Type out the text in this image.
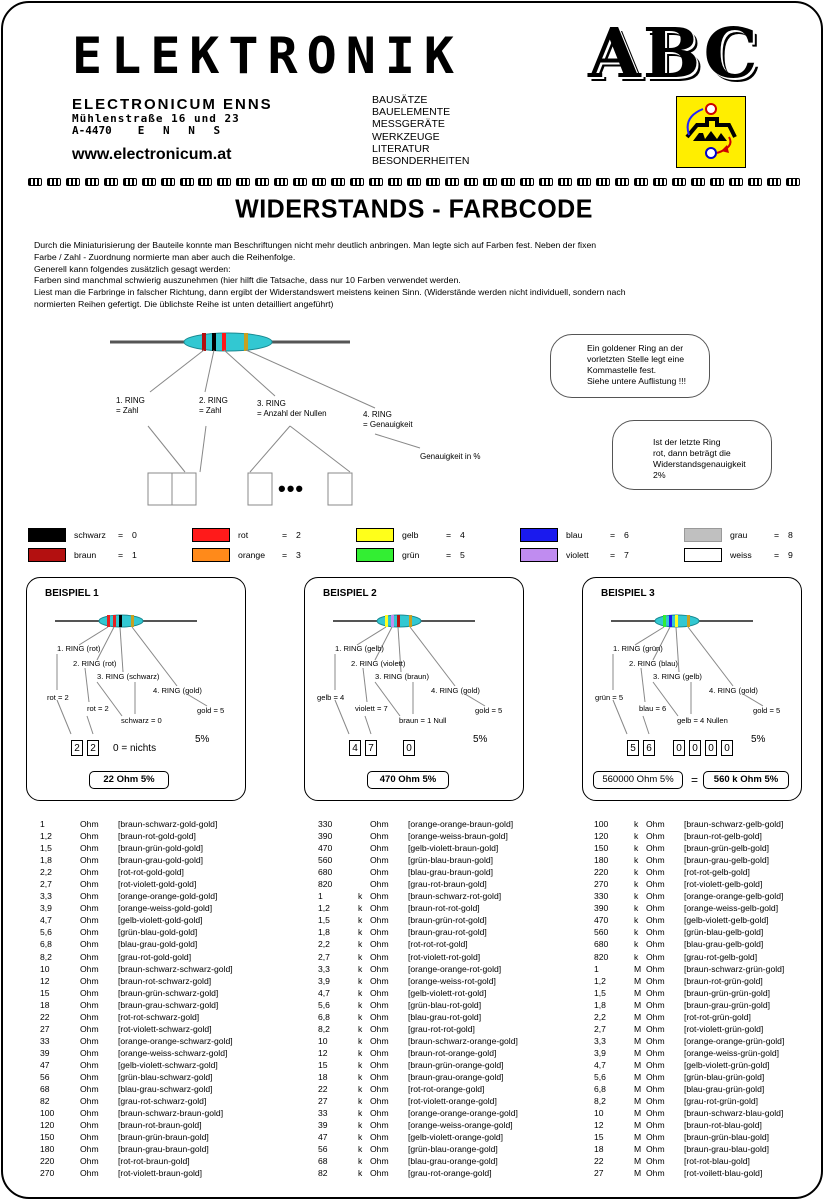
ELEKTRONIK ABC
ELECTRONICUM ENNS
Mühlenstraße 16 und 23
A-4470 E N N S
www.electronicum.at
BAUSÄTZE
BAUELEMENTE
MESSGERÄTE
WERKZEUGE
LITERATUR
BESONDERHEITEN
WIDERSTANDS - FARBCODE
Durch die Miniaturisierung der Bauteile konnte man Beschriftungen nicht mehr deutlich anbringen. Man legte sich auf Farben fest. Neben der fixen
Farbe / Zahl - Zuordnung normierte man aber auch die Reihenfolge.
Generell kann folgendes zusätzlich gesagt werden:
Farben sind manchmal schwierig auszunehmen (hier hilft die Tatsache, dass nur 10 Farben verwendet werden.
Liest man die Farbringe in falscher Richtung, dann ergibt der Widerstandswert meistens keinen Sinn. (Widerstände werden nicht individuell, sondern nach
normierten Reihen gefertigt. Die üblichste Reihe ist unten detailliert angeführt)
1. RING
= Zahl
2. RING
= Zahl
3. RING
= Anzahl der Nullen	4. RING
= Genauigkeit
Genauigkeit in %
•••
Ein goldener Ring an der
vorletzten Stelle legt eine
Kommastelle fest.
Siehe untere Auflistung !!!
Ist der letzte Ring
rot, dann beträgt die
Widerstandsgenauigkeit
2%
schwarz = 0
braun	= 1
rot	= 2
orange = 3
gelb	= 4
grün	= 5
blau	= 6
violett = 7
grau	= 8
weiss	= 9
BEISPIEL 1
1. RING (rot)
2. RING (rot)
3. RING (schwarz)
4. RING (gold)
rot = 2
rot = 2
schwarz = 0
gold = 5
2	2
5%
0 = nichts
22 Ohm 5%
BEISPIEL 2
1. RING (gelb)
2. RING (violett)
3. RING (braun)
4. RING (gold)
gelb = 4
violett = 7
braun = 1 Null
gold = 5
4	7
5%
0
470 Ohm 5%
BEISPIEL 3
1. RING (grün)
2. RING (blau)
3. RING (gelb)
4. RING (gold)
grün = 5
blau = 6
gelb = 4 Nullen
gold = 5
5	6
5%
0	0	0	0
560000 Ohm 5%	=	560 k Ohm 5%
1	Ohm	[braun-schwarz-gold-gold]
1,2	Ohm	[braun-rot-gold-gold]
1,5	Ohm	[braun-grün-gold-gold]
1,8	Ohm	[braun-grau-gold-gold]
2,2	Ohm	[rot-rot-gold-gold]
2,7	Ohm	[rot-violett-gold-gold]
3,3	Ohm	[orange-orange-gold-gold]
3,9	Ohm	[orange-weiss-gold-gold]
4,7	Ohm	[gelb-violett-gold-gold]
5,6	Ohm	[grün-blau-gold-gold]
6,8	Ohm	[blau-grau-gold-gold]
8,2	Ohm	[grau-rot-gold-gold]
10	Ohm	[braun-schwarz-schwarz-gold]
12	Ohm	[braun-rot-schwarz-gold]
15	Ohm	[braun-grün-schwarz-gold]
18	Ohm	[braun-grau-schwarz-gold]
22	Ohm	[rot-rot-schwarz-gold]
27	Ohm	[rot-violett-schwarz-gold]
33	Ohm	[orange-orange-schwarz-gold]
39	Ohm	[orange-weiss-schwarz-gold]
47	Ohm	[gelb-violett-schwarz-gold]
56	Ohm	[grün-blau-schwarz-gold]
68	Ohm	[blau-grau-schwarz-gold]
82	Ohm	[grau-rot-schwarz-gold]
100	Ohm	[braun-schwarz-braun-gold]
120	Ohm	[braun-rot-braun-gold]
150	Ohm	[braun-grün-braun-gold]
180	Ohm	[braun-grau-braun-gold]
220	Ohm	[rot-rot-braun-gold]
270	Ohm	[rot-violett-braun-gold]
330	Ohm	[orange-orange-braun-gold]
390	Ohm	[orange-weiss-braun-gold]
470	Ohm	[gelb-violett-braun-gold]
560	Ohm	[grün-blau-braun-gold]
680	Ohm	[blau-grau-braun-gold]
820	Ohm	[grau-rot-braun-gold]
1	k Ohm	[braun-schwarz-rot-gold]
1,2	k Ohm	[braun-rot-rot-gold]
1,5	k Ohm	[braun-grün-rot-gold]
1,8	k Ohm	[braun-grau-rot-gold]
2,2	k Ohm	[rot-rot-rot-gold]
2,7	k Ohm	[rot-violett-rot-gold]
3,3	k Ohm	[orange-orange-rot-gold]
3,9	k Ohm	[orange-weiss-rot-gold]
4,7	k Ohm	[gelb-violett-rot-gold]
5,6	k Ohm	[grün-blau-rot-gold]
6,8	k Ohm	[blau-grau-rot-gold]
8,2	k Ohm	[grau-rot-rot-gold]
10	k Ohm	[braun-schwarz-orange-gold]
12	k Ohm	[braun-rot-orange-gold]
15	k Ohm	[braun-grün-orange-gold]
18	k Ohm	[braun-grau-orange-gold]
22	k Ohm	[rot-rot-orange-gold]
27	k Ohm	[rot-violett-orange-gold]
33	k Ohm	[orange-orange-orange-gold]
39	k Ohm	[orange-weiss-orange-gold]
47	k Ohm	[gelb-violett-orange-gold]
56	k Ohm	[grün-blau-orange-gold]
68	k Ohm	[blau-grau-orange-gold]
82	k Ohm	[grau-rot-orange-gold]
100	k Ohm	[braun-schwarz-gelb-gold]
120	k Ohm	[braun-rot-gelb-gold]
150	k Ohm	[braun-grün-gelb-gold]
180	k Ohm	[braun-grau-gelb-gold]
220	k Ohm	[rot-rot-gelb-gold]
270	k Ohm	[rot-violett-gelb-gold]
330	k Ohm	[orange-orange-gelb-gold]
390	k Ohm	[orange-weiss-gelb-gold]
470	k Ohm	[gelb-violett-gelb-gold]
560	k Ohm	[grün-blau-gelb-gold]
680	k Ohm	[blau-grau-gelb-gold]
820	k Ohm	[grau-rot-gelb-gold]
1	M Ohm	[braun-schwarz-grün-gold]
1,2	M Ohm	[braun-rot-grün-gold]
1,5	M Ohm	[braun-grün-grün-gold]
1,8	M Ohm	[braun-grau-grün-gold]
2,2	M Ohm	[rot-rot-grün-gold]
2,7	M Ohm	[rot-violett-grün-gold]
3,3	M Ohm	[orange-orange-grün-gold]
3,9	M Ohm	[orange-weiss-grün-gold]
4,7	M Ohm	[gelb-violett-grün-gold]
5,6	M Ohm	[grün-blau-grün-gold]
6,8	M Ohm	[blau-grau-grün-gold]
8,2	M Ohm	[grau-rot-grün-gold]
10	M Ohm	[braun-schwarz-blau-gold]
12	M Ohm	[braun-rot-blau-gold]
15	M Ohm	[braun-grün-blau-gold]
18	M Ohm	[braun-grau-blau-gold]
22	M Ohm	[rot-rot-blau-gold]
27	M Ohm	[rot-voilett-blau-gold]
